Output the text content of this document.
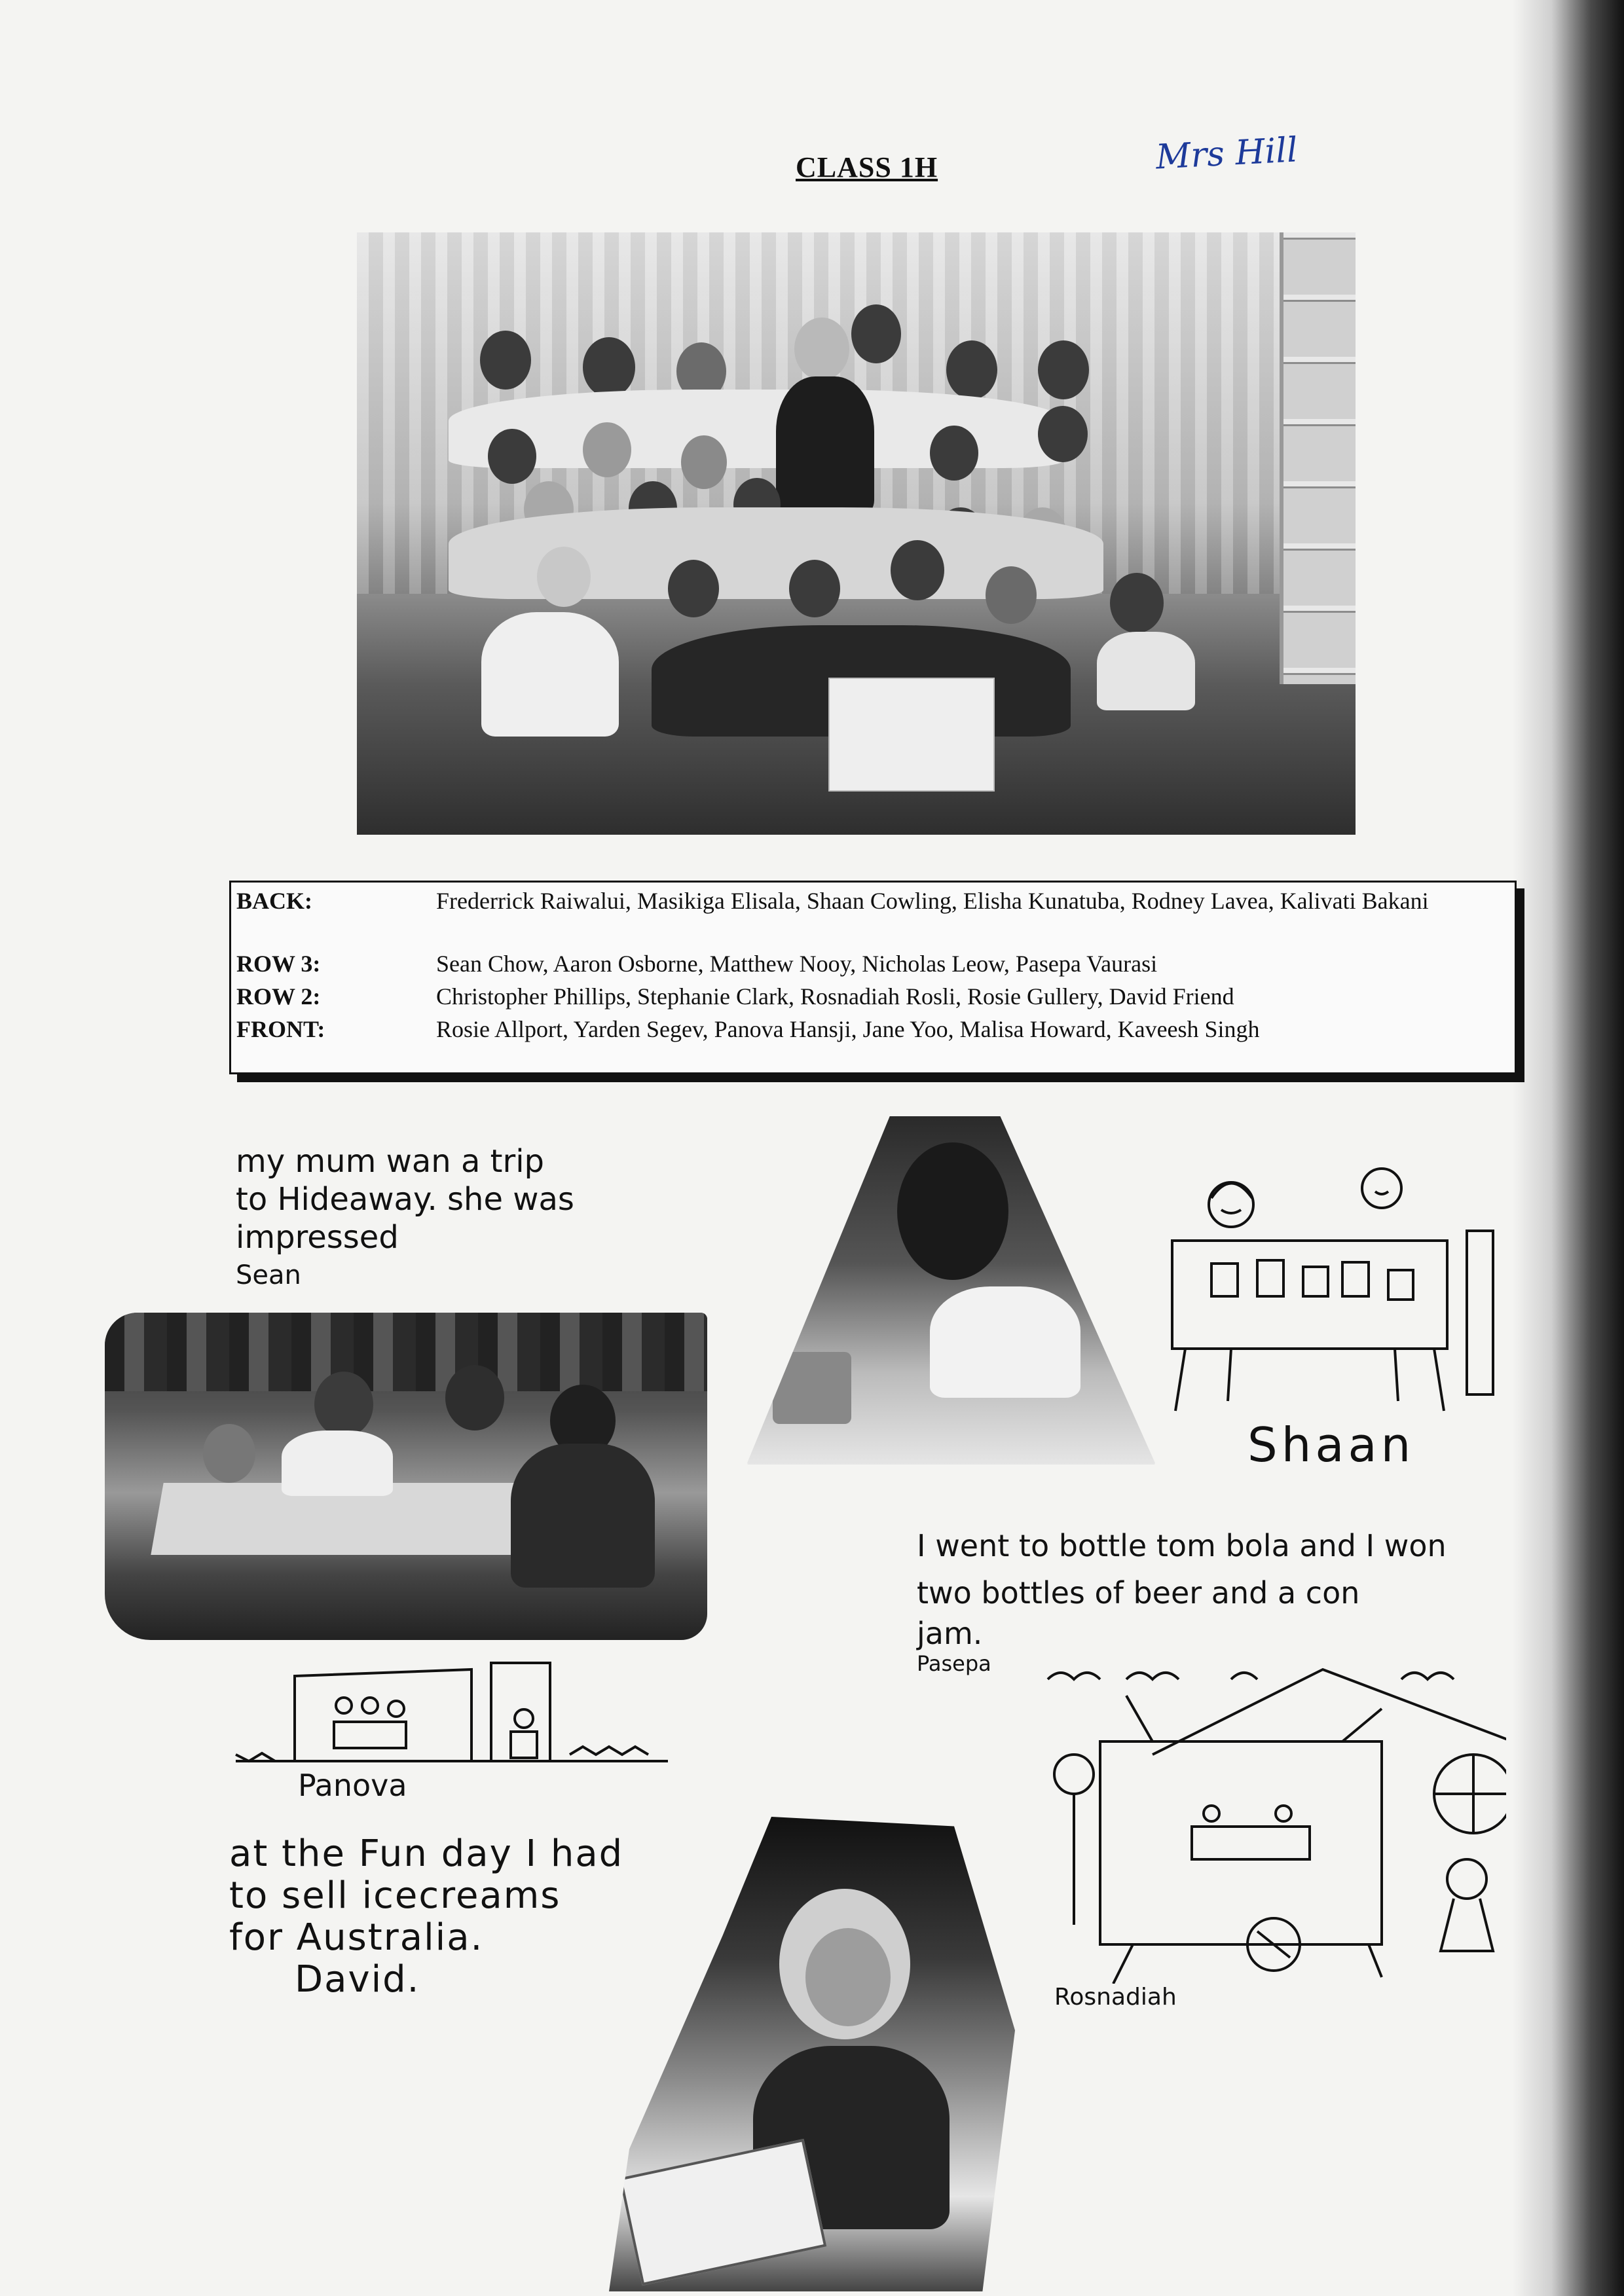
CLASS 1H	Mrs Hill
BACK:	Frederrick Raiwalui, Masikiga Elisala, Shaan Cowling, Elisha Kunatuba, Rodney Lavea, Kalivati Bakani
ROW 3:	Sean Chow, Aaron Osborne, Matthew Nooy, Nicholas Leow, Pasepa Vaurasi
ROW 2:	Christopher Phillips, Stephanie Clark, Rosnadiah Rosli, Rosie Gullery, David Friend
FRONT:	Rosie Allport, Yarden Segev, Panova Hansji, Jane Yoo, Malisa Howard, Kaveesh Singh
my mum wan a trip
to Hideaway. she was
impressed
Sean
Shaan
I went to bottle tom bola and I won
two bottles of beer and a con
jam.
Pasepa
Panova
at the Fun day I had
to sell icecreams
for Australia.
David.	Rosnadiah
